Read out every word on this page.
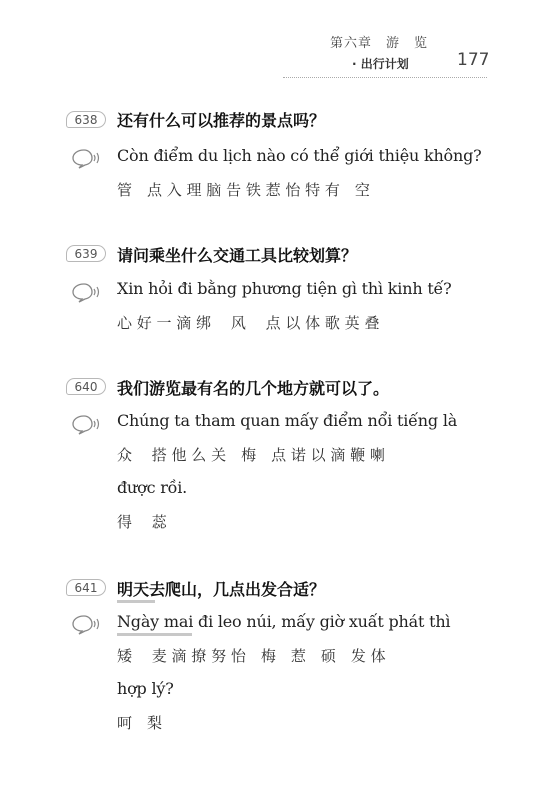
第六章　游　览
177
· 出行计划
638	还有什么可以推荐的景点吗？
Còn điểm du lịch nào có thể giới thiệu không?
管　点 入 理 脑 告 铁 惹 怡 特 有　空
639	请问乘坐什么交通工具比较划算？
Xin hỏi đi bằng phương tiện gì thì kinh tế?
心 好 一 滴 绑　 风　 点 以 体 歌 英 叠
640	我们游览最有名的几个地方就可以了。
Chúng ta tham quan mấy điểm nổi tiếng là
众　 搭 他 么 关　梅　点 诺 以 滴 鞭 喇
được rồi.
得　 蕊
641	明天去爬山，几点出发合适？
Ngày mai đi leo núi, mấy giờ xuất phát thì
矮　 麦 滴 撩 努 怡　梅　惹　硕　发 体
hợp lý?
呵　梨
